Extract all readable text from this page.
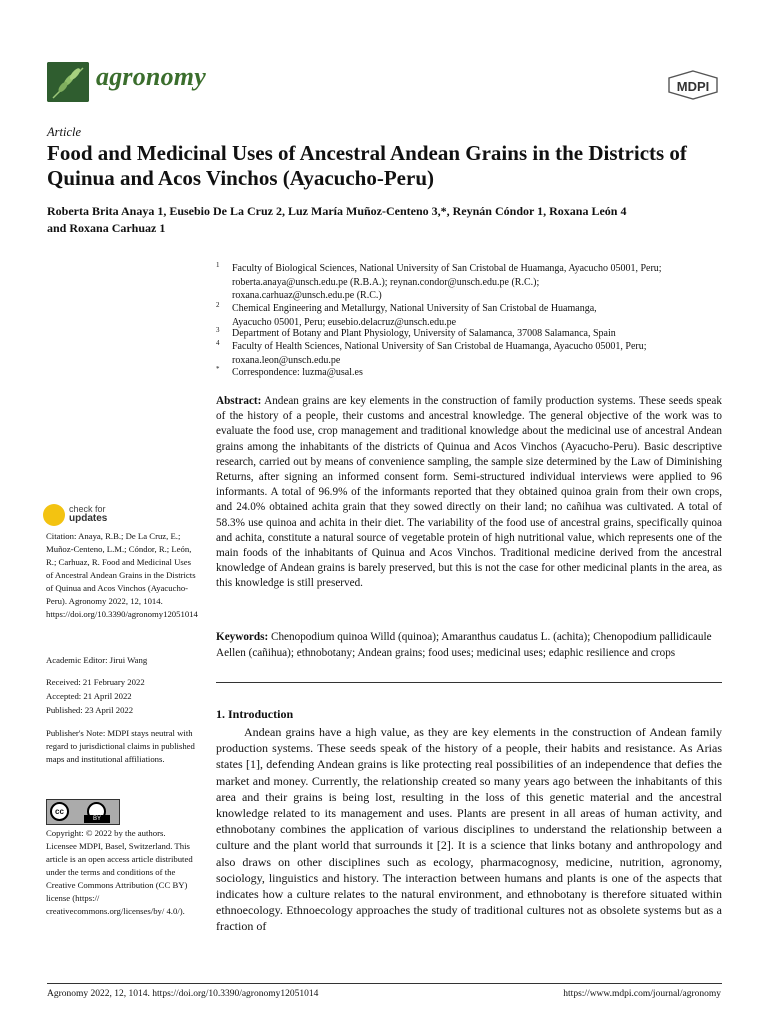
agronomy	MDPI
Article
Food and Medicinal Uses of Ancestral Andean Grains in the Districts of Quinua and Acos Vinchos (Ayacucho-Peru)
Roberta Brita Anaya 1, Eusebio De La Cruz 2, Luz María Muñoz-Centeno 3,*, Reynán Cóndor 1, Roxana León 4
and Roxana Carhuaz 1
1 Faculty of Biological Sciences, National University of San Cristobal de Huamanga, Ayacucho 05001, Peru;
roberta.anaya@unsch.edu.pe (R.B.A.); reynan.condor@unsch.edu.pe (R.C.);
roxana.carhuaz@unsch.edu.pe (R.C.)
2 Chemical Engineering and Metallurgy, National University of San Cristobal de Huamanga,
Ayacucho 05001, Peru; eusebio.delacruz@unsch.edu.pe
3 Department of Botany and Plant Physiology, University of Salamanca, 37008 Salamanca, Spain
4 Faculty of Health Sciences, National University of San Cristobal de Huamanga, Ayacucho 05001, Peru;
roxana.leon@unsch.edu.pe
* Correspondence: luzma@usal.es
Abstract: Andean grains are key elements in the construction of family production systems. These seeds speak of the history of a people, their customs and ancestral knowledge. The general objective of the work was to evaluate the food use, crop management and traditional knowledge about the medicinal use of ancestral Andean grains among the inhabitants of the districts of Quinua and Acos Vinchos (Ayacucho-Peru). Basic descriptive research, carried out by means of convenience sampling, the sample size determined by the Law of Diminishing Returns, after signing an informed consent form. Semi-structured individual interviews were applied to 96 informants. A total of 96.9% of the informants reported that they obtained quinoa grain from their own crops, and 24.0% obtained achita grain that they sowed directly on their land; no cañihua was cultivated. A total of 58.3% use quinoa and achita in their diet. The variability of the food use of ancestral grains, specifically quinoa and achita, constitute a natural source of vegetable protein of high nutritional value, which represents one of the main foods of the inhabitants of Quinua and Acos Vinchos. Traditional medicine derived from the ancestral knowledge of Andean grains is barely preserved, but this is not the case for other medicinal plants in the area, as this knowledge is still preserved.
Keywords: Chenopodium quinoa Willd (quinoa); Amaranthus caudatus L. (achita); Chenopodium pallidicaule Aellen (cañihua); ethnobotany; Andean grains; food uses; medicinal uses; edaphic resilience and crops
1. Introduction
Andean grains have a high value, as they are key elements in the construction of Andean family production systems. These seeds speak of the history of a people, their habits and resistance. As Arias states [1], defending Andean grains is like protecting real possibilities of an independence that defies the market and money. Currently, the relationship created so many years ago between the inhabitants of this area and their grains is being lost, resulting in the loss of this genetic material and the ancestral knowledge related to its management and uses. Plants are present in all areas of human activity, and ethnobotany combines the application of various disciplines to understand the relationship between a culture and the plant world that surrounds it [2]. It is a science that links botany and anthropology and also draws on other disciplines such as ecology, pharmacognosy, medicine, nutrition, agronomy, sociology, linguistics and history. The interaction between humans and plants is one of the aspects that indicates how a culture relates to the natural environment, and ethnobotany is therefore situated within ethnoecology. Ethnoecology approaches the study of traditional cultures not as obsolete systems but as a fraction of
check for
updates
Citation: Anaya, R.B.; De La Cruz, E.; Muñoz-Centeno, L.M.; Cóndor, R.; León, R.; Carhuaz, R. Food and Medicinal Uses of Ancestral Andean Grains in the Districts of Quinua and Acos Vinchos (Ayacucho-Peru). Agronomy 2022, 12, 1014. https://doi.org/10.3390/agronomy12051014
Academic Editor: Jirui Wang
Received: 21 February 2022
Accepted: 21 April 2022
Published: 23 April 2022
Publisher's Note: MDPI stays neutral with regard to jurisdictional claims in published maps and institutional affiliations.
cc
BY
Copyright: © 2022 by the authors. Licensee MDPI, Basel, Switzerland. This article is an open access article distributed under the terms and conditions of the Creative Commons Attribution (CC BY) license (https:// creativecommons.org/licenses/by/ 4.0/).
Agronomy 2022, 12, 1014. https://doi.org/10.3390/agronomy12051014	https://www.mdpi.com/journal/agronomy
